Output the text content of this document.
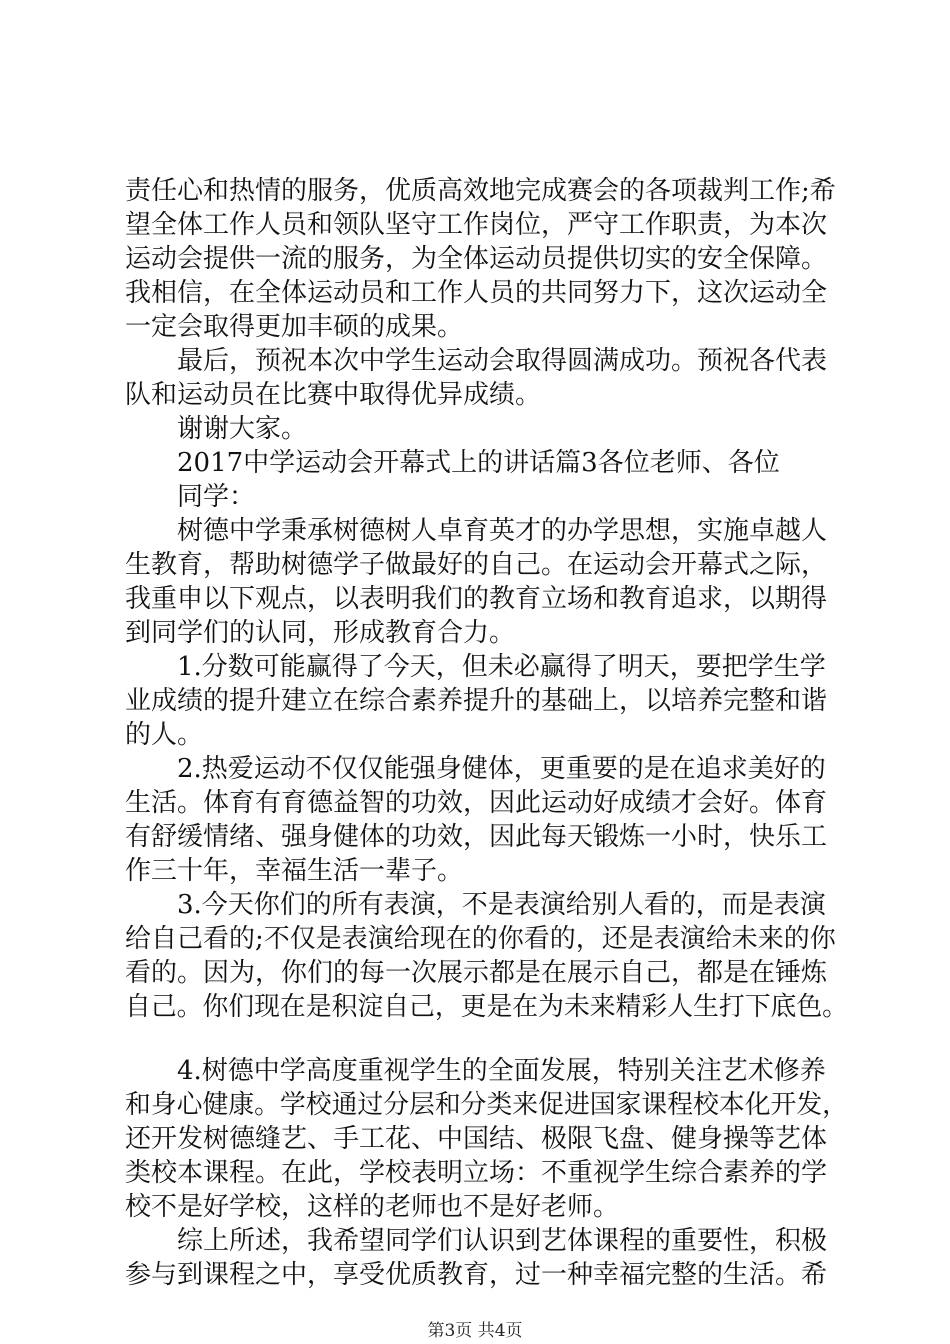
责任心和热情的服务，优质高效地完成赛会的各项裁判工作;希
望全体工作人员和领队坚守工作岗位，严守工作职责，为本次
运动会提供一流的服务，为全体运动员提供切实的安全保障。
我相信，在全体运动员和工作人员的共同努力下，这次运动全
一定会取得更加丰硕的成果。
最后，预祝本次中学生运动会取得圆满成功。预祝各代表
队和运动员在比赛中取得优异成绩。
谢谢大家。
2017中学运动会开幕式上的讲话篇3各位老师、各位
同学：
树德中学秉承树德树人卓育英才的办学思想，实施卓越人
生教育，帮助树德学子做最好的自己。在运动会开幕式之际，
我重申以下观点，以表明我们的教育立场和教育追求，以期得
到同学们的认同，形成教育合力。
1.分数可能赢得了今天，但未必赢得了明天，要把学生学
业成绩的提升建立在综合素养提升的基础上，以培养完整和谐
的人。
2.热爱运动不仅仅能强身健体，更重要的是在追求美好的
生活。体育有育德益智的功效，因此运动好成绩才会好。体育
有舒缓情绪、强身健体的功效，因此每天锻炼一小时，快乐工
作三十年，幸福生活一辈子。
3.今天你们的所有表演，不是表演给别人看的，而是表演
给自己看的;不仅是表演给现在的你看的，还是表演给未来的你
看的。因为，你们的每一次展示都是在展示自己，都是在锤炼
自己。你们现在是积淀自己，更是在为未来精彩人生打下底色。
4.树德中学高度重视学生的全面发展，特别关注艺术修养
和身心健康。学校通过分层和分类来促进国家课程校本化开发，
还开发树德缝艺、手工花、中国结、极限飞盘、健身操等艺体
类校本课程。在此，学校表明立场：不重视学生综合素养的学
校不是好学校，这样的老师也不是好老师。
综上所述，我希望同学们认识到艺体课程的重要性，积极
参与到课程之中，享受优质教育，过一种幸福完整的生活。希
第3页 共4页
